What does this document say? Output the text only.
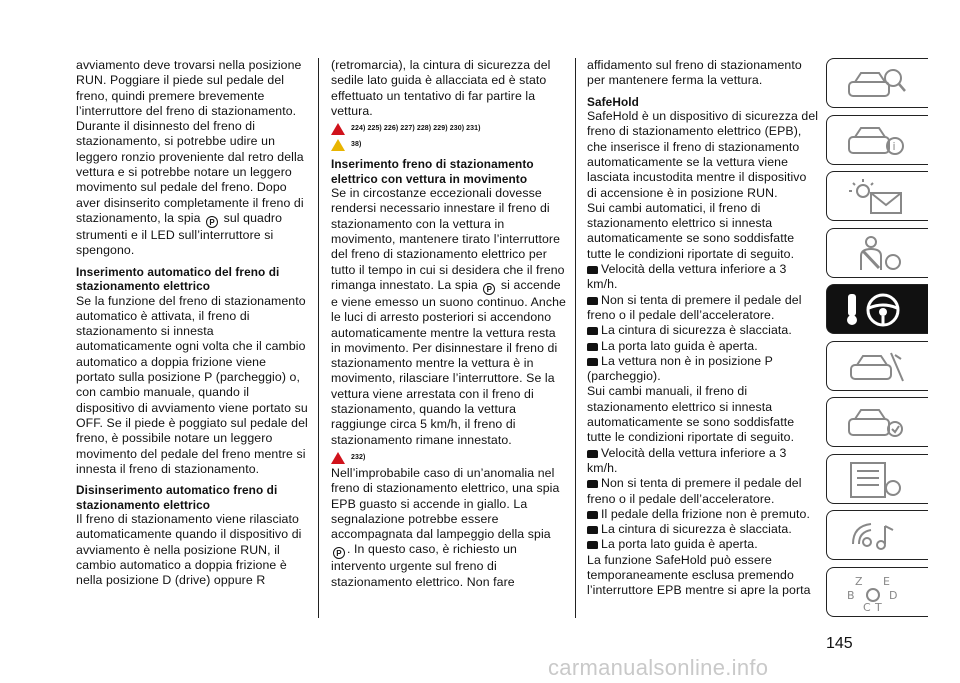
avviamento deve trovarsi nella posizione RUN. Poggiare il piede sul pedale del freno, quindi premere brevemente l’interruttore del freno di stazionamento. Durante il disinnesto del freno di stazionamento, si potrebbe udire un leggero ronzio proveniente dal retro della vettura e si potrebbe notare un leggero movimento sul pedale del freno. Dopo aver disinserito completamente il freno di stazionamento, la spia P sul quadro strumenti e il LED sull’interruttore si spengono.

Inserimento automatico del freno di stazionamento elettrico

Se la funzione del freno di stazionamento automatico è attivata, il freno di stazionamento si innesta automaticamente ogni volta che il cambio automatico a doppia frizione viene portato sulla posizione P (parcheggio) o, con cambio manuale, quando il dispositivo di avviamento viene portato su OFF. Se il piede è poggiato sul pedale del freno, è possibile notare un leggero movimento del pedale del freno mentre si innesta il freno di stazionamento.

Disinserimento automatico freno di stazionamento elettrico

Il freno di stazionamento viene rilasciato automaticamente quando il dispositivo di avviamento è nella posizione RUN, il cambio automatico a doppia frizione è nella posizione D (drive) oppure R

(retromarcia), la cintura di sicurezza del sedile lato guida è allacciata ed è stato effettuato un tentativo di far partire la vettura.

224) 225) 226) 227) 228) 229) 230) 231)
38)

Inserimento freno di stazionamento elettrico con vettura in movimento

Se in circostanze eccezionali dovesse rendersi necessario innestare il freno di stazionamento con la vettura in movimento, mantenere tirato l’interruttore del freno di stazionamento elettrico per tutto il tempo in cui si desidera che il freno rimanga innestato. La spia P si accende e viene emesso un suono continuo. Anche le luci di arresto posteriori si accendono automaticamente mentre la vettura resta in movimento. Per disinnestare il freno di stazionamento mentre la vettura è in movimento, rilasciare l’interruttore. Se la vettura viene arrestata con il freno di stazionamento, quando la vettura raggiunge circa 5 km/h, il freno di stazionamento rimane innestato.

232)

Nell’improbabile caso di un’anomalia nel freno di stazionamento elettrico, una spia EPB guasto si accende in giallo. La segnalazione potrebbe essere accompagnata dal lampeggio della spia P . In questo caso, è richiesto un intervento urgente sul freno di stazionamento elettrico. Non fare

affidamento sul freno di stazionamento per mantenere ferma la vettura.

SafeHold

SafeHold è un dispositivo di sicurezza del freno di stazionamento elettrico (EPB), che inserisce il freno di stazionamento automaticamente se la vettura viene lasciata incustodita mentre il dispositivo di accensione è in posizione RUN.

Sui cambi automatici, il freno di stazionamento elettrico si innesta automaticamente se sono soddisfatte tutte le condizioni riportate di seguito.

Velocità della vettura inferiore a 3 km/h.
Non si tenta di premere il pedale del freno o il pedale dell’acceleratore.
La cintura di sicurezza è slacciata.
La porta lato guida è aperta.
La vettura non è in posizione P (parcheggio).

Sui cambi manuali, il freno di stazionamento elettrico si innesta automaticamente se sono soddisfatte tutte le condizioni riportate di seguito.

Velocità della vettura inferiore a 3 km/h.
Non si tenta di premere il pedale del freno o il pedale dell’acceleratore.
Il pedale della frizione non è premuto.
La cintura di sicurezza è slacciata.
La porta lato guida è aperta.

La funzione SafeHold può essere temporaneamente esclusa premendo l’interruttore EPB mentre si apre la porta

i
Z E
B	D
C T
145
carmanualsonline.info
